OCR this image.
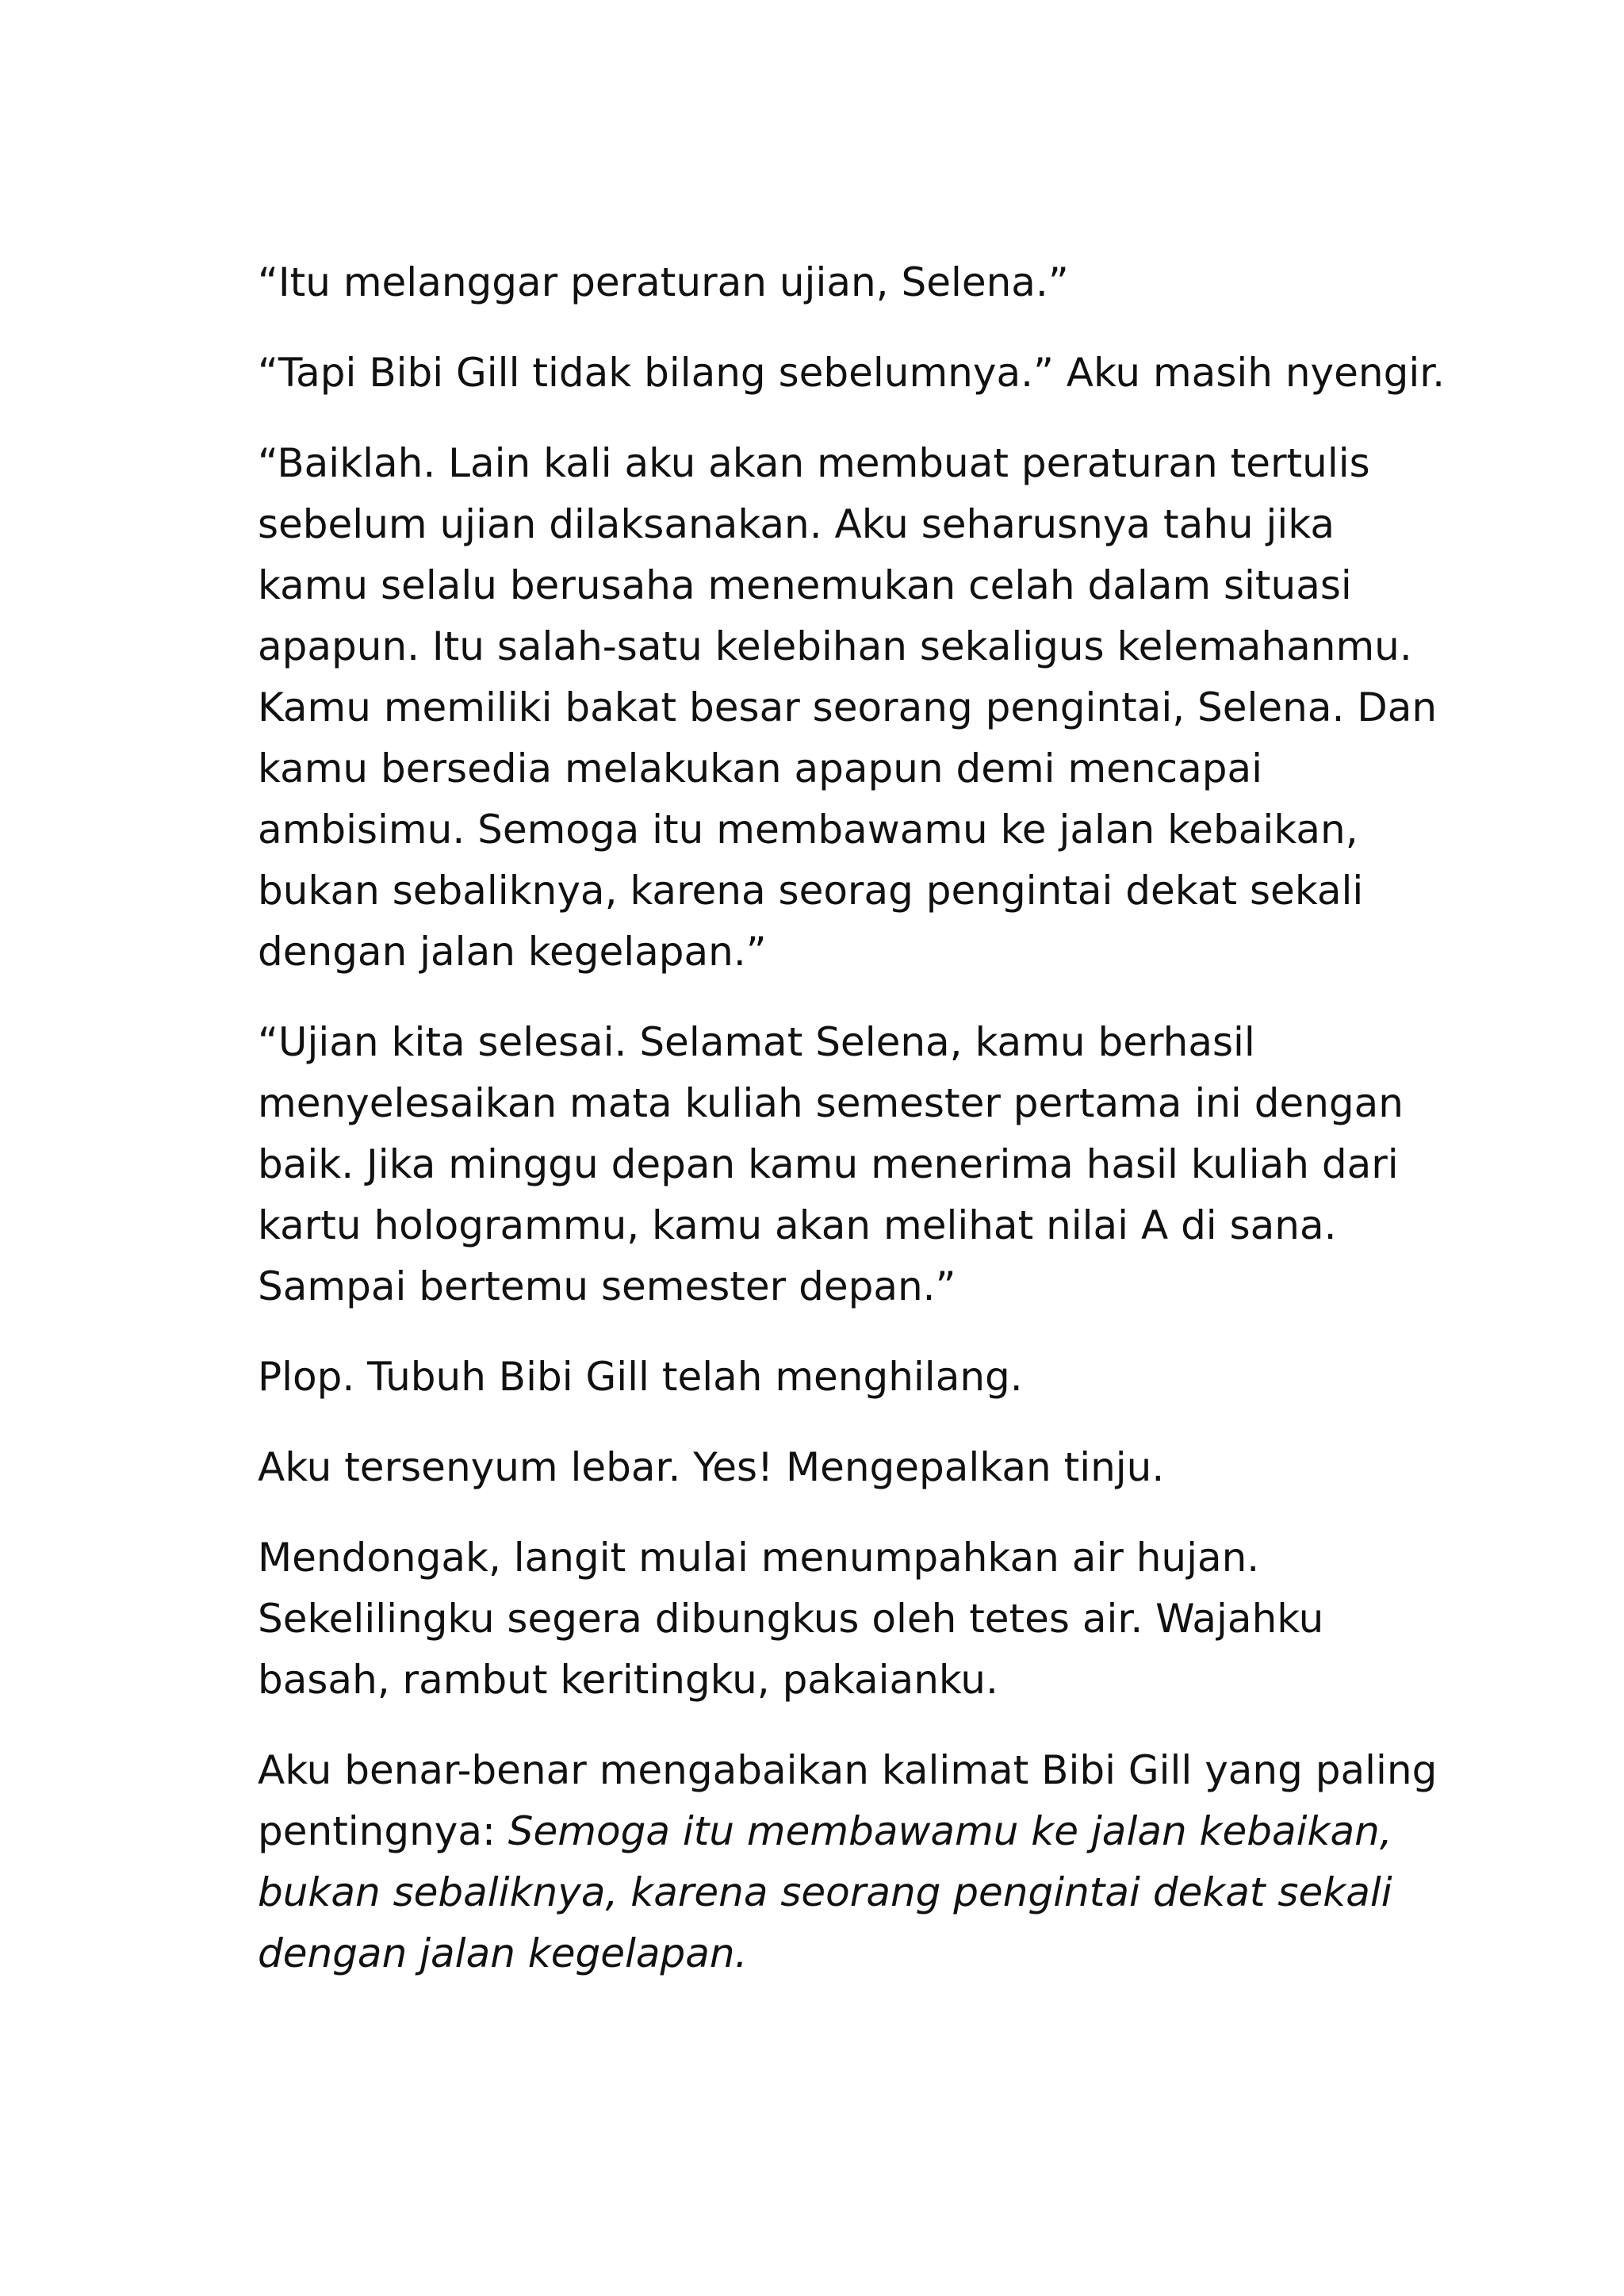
“Itu melanggar peraturan ujian, Selena.”

“Tapi Bibi Gill tidak bilang sebelumnya.” Aku masih nyengir.

“Baiklah. Lain kali aku akan membuat peraturan tertulis
sebelum ujian dilaksanakan. Aku seharusnya tahu jika
kamu selalu berusaha menemukan celah dalam situasi
apapun. Itu salah-satu kelebihan sekaligus kelemahanmu.
Kamu memiliki bakat besar seorang pengintai, Selena. Dan
kamu bersedia melakukan apapun demi mencapai
ambisimu. Semoga itu membawamu ke jalan kebaikan,
bukan sebaliknya, karena seorag pengintai dekat sekali
dengan jalan kegelapan.”

“Ujian kita selesai. Selamat Selena, kamu berhasil
menyelesaikan mata kuliah semester pertama ini dengan
baik. Jika minggu depan kamu menerima hasil kuliah dari
kartu hologrammu, kamu akan melihat nilai A di sana.
Sampai bertemu semester depan.”

Plop. Tubuh Bibi Gill telah menghilang.

Aku tersenyum lebar. Yes! Mengepalkan tinju.

Mendongak, langit mulai menumpahkan air hujan.
Sekelilingku segera dibungkus oleh tetes air. Wajahku
basah, rambut keritingku, pakaianku.

Aku benar-benar mengabaikan kalimat Bibi Gill yang paling
pentingnya: Semoga itu membawamu ke jalan kebaikan,
bukan sebaliknya, karena seorang pengintai dekat sekali
dengan jalan kegelapan.
